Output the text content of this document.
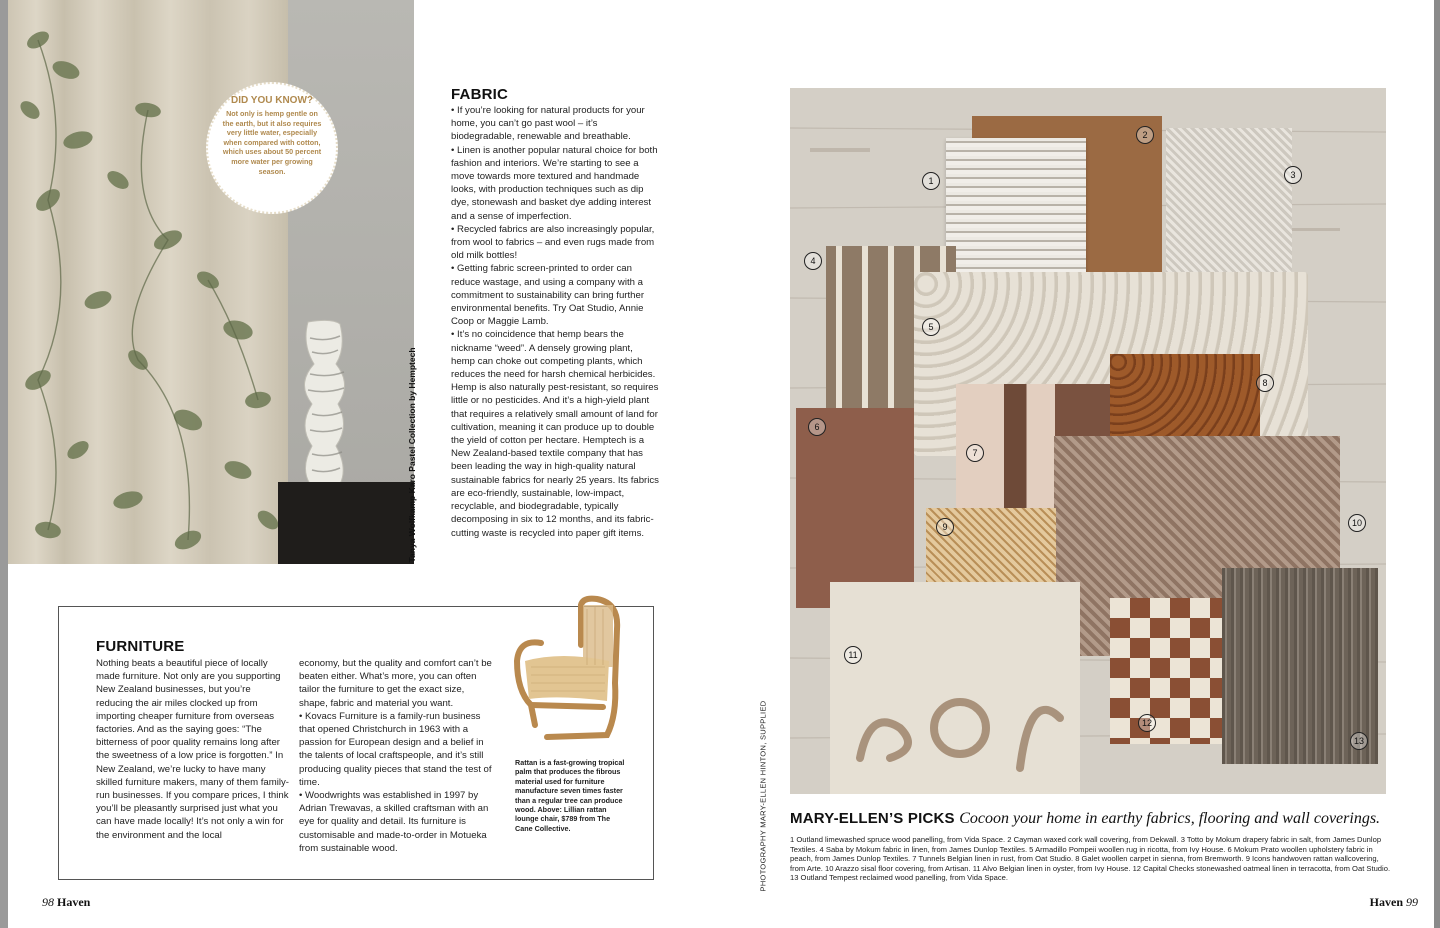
DID YOU KNOW?
Not only is hemp gentle on the earth, but it also requires very little water, especially when compared with cotton, which uses about 50 percent more water per growing season.
Tanya Wolfkamp Karo Pastel Collection by Hemptech
FABRIC

• If you’re looking for natural products for your home, you can’t go past wool – it’s biodegradable, renewable and breathable.

• Linen is another popular natural choice for both fashion and interiors. We’re starting to see a move towards more textured and handmade looks, with production techniques such as dip dye, stonewash and basket dye adding interest and a sense of imperfection.

• Recycled fabrics are also increasingly popular, from wool to fabrics – and even rugs made from old milk bottles!

• Getting fabric screen-printed to order can reduce wastage, and using a company with a commitment to sustainability can bring further environmental benefits. Try Oat Studio, Annie Coop or Maggie Lamb.

• It’s no coincidence that hemp bears the nickname “weed”. A densely growing plant, hemp can choke out competing plants, which reduces the need for harsh chemical herbicides. Hemp is also naturally pest-resistant, so requires little or no pesticides. And it’s a high-yield plant that requires a relatively small amount of land for cultivation, meaning it can produce up to double the yield of cotton per hectare. Hemptech is a New Zealand-based textile company that has been leading the way in high-quality natural sustainable fabrics for nearly 25 years. Its fabrics are eco-friendly, sustainable, low-impact, recyclable, and biodegradable, typically decomposing in six to 12 months, and its fabric-cutting waste is recycled into paper gift items.

FURNITURE
Nothing beats a beautiful piece of locally made furniture. Not only are you supporting New Zealand businesses, but you’re reducing the air miles clocked up from importing cheaper furniture from overseas factories. And as the saying goes: “The bitterness of poor quality remains long after the sweetness of a low price is forgotten.” In New Zealand, we’re lucky to have many skilled furniture makers, many of them family-run businesses. If you compare prices, I think you’ll be pleasantly surprised just what you can have made locally! It’s not only a win for the environment and the local
economy, but the quality and comfort can’t be beaten either. What’s more, you can often tailor the furniture to get the exact size, shape, fabric and material you want.
• Kovacs Furniture is a family-run business that opened Christchurch in 1963 with a passion for European design and a belief in the talents of local craftspeople, and it’s still producing quality pieces that stand the test of time.
• Woodwrights was established in 1997 by Adrian Trewavas, a skilled craftsman with an eye for quality and detail. Its furniture is customisable and made-to-order in Motueka from sustainable wood.
Rattan is a fast-growing tropical palm that produces the fibrous material used for furniture manufacture seven times faster than a regular tree can produce wood. Above: Lillian rattan lounge chair, $789 from The Cane Collective.
98 Haven
1
2
3
4
5
6
7
8
9	10
11
12
13
PHOTOGRAPHY MARY-ELLEN HINTON, SUPPLIED MARY-ELLEN’S PICKS Cocoon your home in earthy fabrics, flooring and wall coverings.
1 Outland limewashed spruce wood panelling, from Vida Space. 2 Cayman waxed cork wall covering, from Dekwall. 3 Totto by Mokum drapery fabric in salt, from James Dunlop Textiles. 4 Saba by Mokum fabric in linen, from James Dunlop Textiles. 5 Armadillo Pompeii woollen rug in ricotta, from Ivy House. 6 Mokum Prato woollen upholstery fabric in peach, from James Dunlop Textiles. 7 Tunnels Belgian linen in rust, from Oat Studio. 8 Galet woollen carpet in sienna, from Bremworth. 9 Icons handwoven rattan wallcovering, from Arte. 10 Arazzo sisal floor covering, from Artisan. 11 Alvo Belgian linen in oyster, from Ivy House. 12 Capital Checks stonewashed oatmeal linen in terracotta, from Oat Studio. 13 Outland Tempest reclaimed wood panelling, from Vida Space.
Haven 99
